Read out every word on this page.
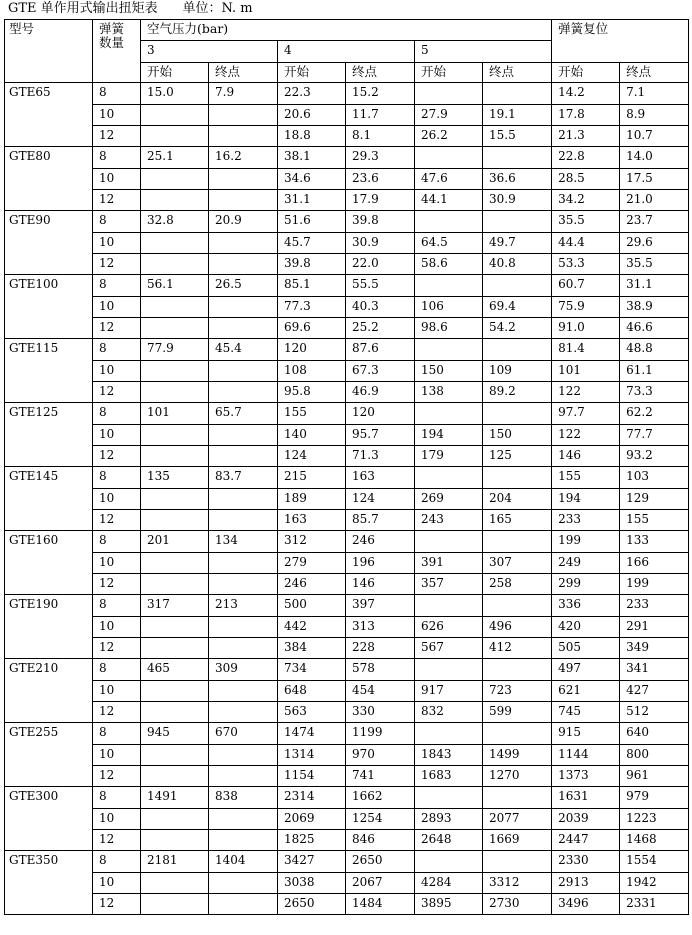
GTE 单作用式输出扭矩表 单位：N. m
型号	弹簧
数量	空气压力(bar)						弹簧复位	
		3		4		5			
		开始	终点	开始	终点	开始	终点	开始	终点
GTE65	8	15.0	7.9	22.3	15.2			14.2	7.1
	10			20.6	11.7	27.9	19.1	17.8	8.9
	12			18.8	8.1	26.2	15.5	21.3	10.7
GTE80	8	25.1	16.2	38.1	29.3			22.8	14.0
	10			34.6	23.6	47.6	36.6	28.5	17.5
	12			31.1	17.9	44.1	30.9	34.2	21.0
GTE90	8	32.8	20.9	51.6	39.8			35.5	23.7
	10			45.7	30.9	64.5	49.7	44.4	29.6
	12			39.8	22.0	58.6	40.8	53.3	35.5
GTE100	8	56.1	26.5	85.1	55.5			60.7	31.1
	10			77.3	40.3	106	69.4	75.9	38.9
	12			69.6	25.2	98.6	54.2	91.0	46.6
GTE115	8	77.9	45.4	120	87.6			81.4	48.8
	10			108	67.3	150	109	101	61.1
	12			95.8	46.9	138	89.2	122	73.3
GTE125	8	101	65.7	155	120			97.7	62.2
	10			140	95.7	194	150	122	77.7
	12			124	71.3	179	125	146	93.2
GTE145	8	135	83.7	215	163			155	103
	10			189	124	269	204	194	129
	12			163	85.7	243	165	233	155
GTE160	8	201	134	312	246			199	133
	10			279	196	391	307	249	166
	12			246	146	357	258	299	199
GTE190	8	317	213	500	397			336	233
	10			442	313	626	496	420	291
	12			384	228	567	412	505	349
GTE210	8	465	309	734	578			497	341
	10			648	454	917	723	621	427
	12			563	330	832	599	745	512
GTE255	8	945	670	1474	1199			915	640
	10			1314	970	1843	1499	1144	800
	12			1154	741	1683	1270	1373	961
GTE300	8	1491	838	2314	1662			1631	979
	10			2069	1254	2893	2077	2039	1223
	12			1825	846	2648	1669	2447	1468
GTE350	8	2181	1404	3427	2650			2330	1554
	10			3038	2067	4284	3312	2913	1942
	12			2650	1484	3895	2730	3496	2331
